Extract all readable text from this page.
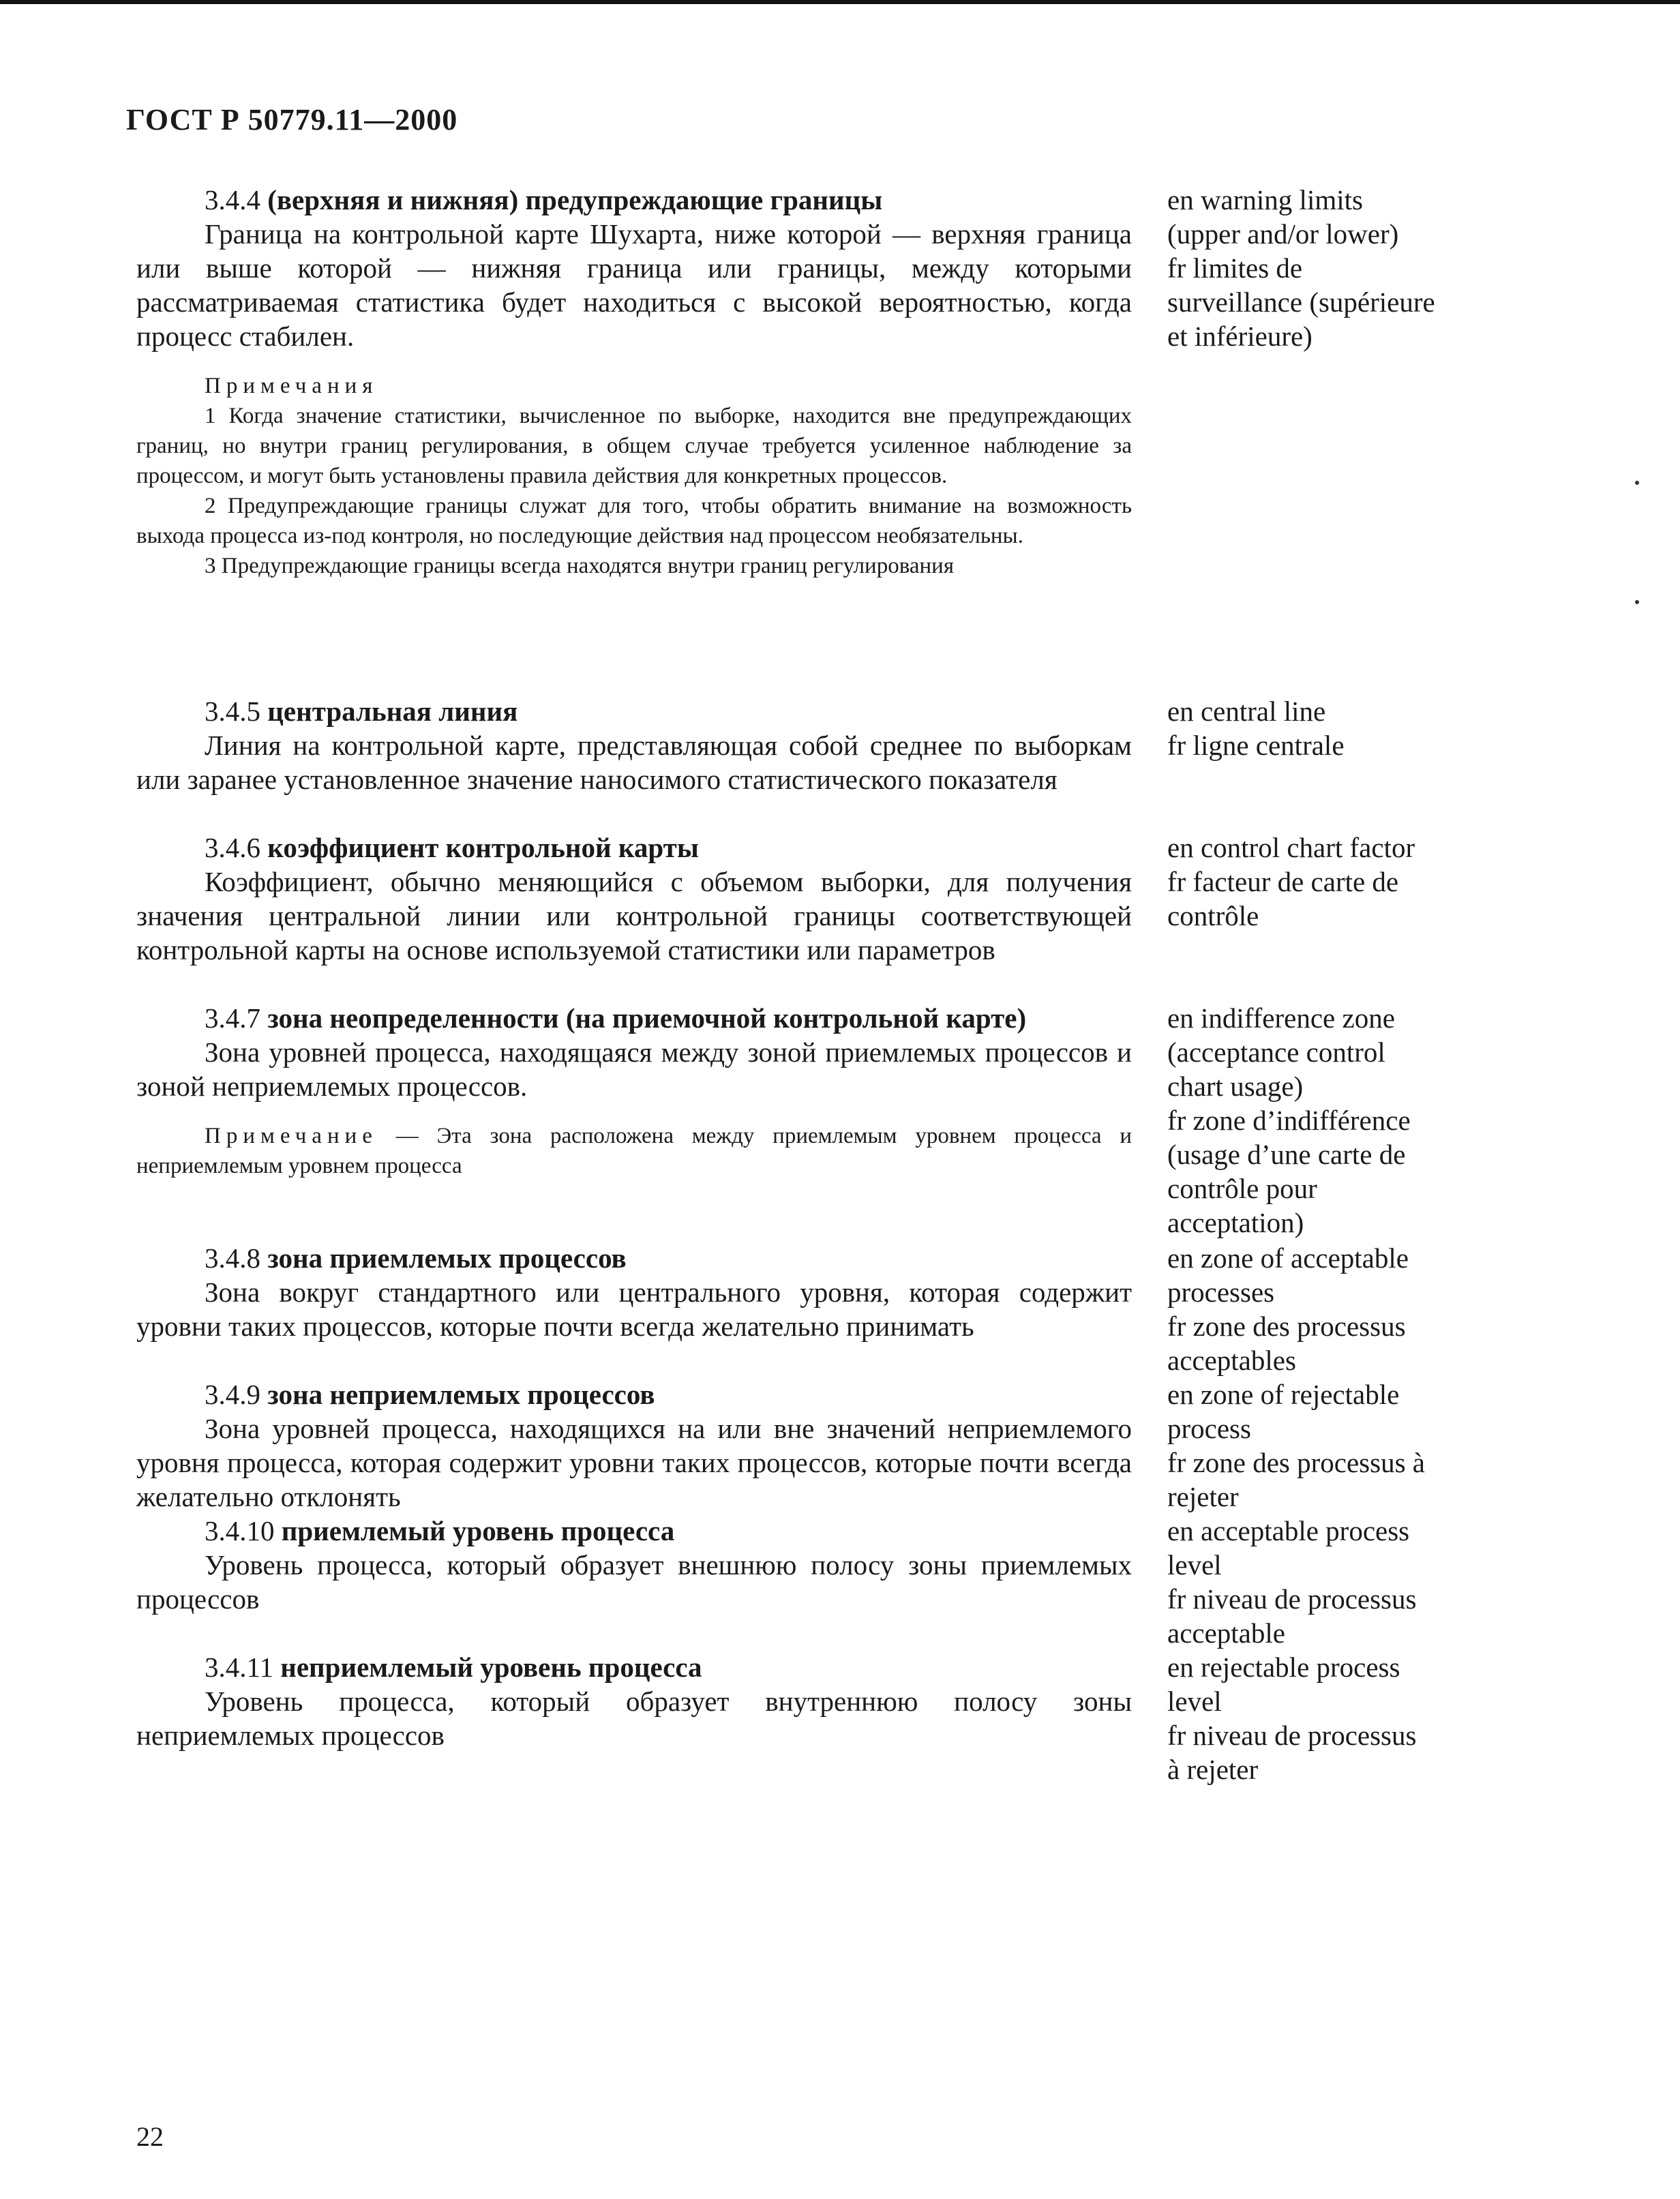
ГОСТ Р 50779.11—2000
3.4.4 (верхняя и нижняя) предупреждающие границы
Граница на контрольной карте Шухарта, ниже которой — верхняя граница или выше которой — нижняя граница или границы, между которыми рассматриваемая статистика будет находиться с высокой вероятностью, когда процесс стабилен.
Примечания
1 Когда значение статистики, вычисленное по выборке, находится вне предупреждающих границ, но внутри границ регулирования, в общем случае требуется усиленное наблюдение за процессом, и могут быть установлены правила действия для конкретных процессов.
2 Предупреждающие границы служат для того, чтобы обратить внимание на возможность выхода процесса из-под контроля, но последующие действия над процессом необязательны.
3 Предупреждающие границы всегда находятся внутри границ регулирования
en warning limits
(upper and/or lower)
fr limites de
surveillance (supérieure
et inférieure)
3.4.5 центральная линия
Линия на контрольной карте, представляющая собой среднее по выборкам или заранее установленное значение наносимого статистического показателя
en central line
fr ligne centrale
3.4.6 коэффициент контрольной карты
Коэффициент, обычно меняющийся с объемом выборки, для получения значения центральной линии или контрольной границы соответствующей контрольной карты на основе используемой статистики или параметров
en control chart factor
fr facteur de carte de
contrôle
3.4.7 зона неопределенности (на приемочной контрольной карте)
Зона уровней процесса, находящаяся между зоной приемлемых процессов и зоной неприемлемых процессов.
Примечание — Эта зона расположена между приемлемым уровнем процесса и неприемлемым уровнем процесса
en indifference zone
(acceptance control
chart usage)
fr zone d’indifférence
(usage d’une carte de
contrôle pour
acceptation)
3.4.8 зона приемлемых процессов
Зона вокруг стандартного или центрального уровня, которая содержит уровни таких процессов, которые почти всегда желательно принимать
en zone of acceptable
processes
fr zone des processus
acceptables
3.4.9 зона неприемлемых процессов
Зона уровней процесса, находящихся на или вне значений неприемлемого уровня процесса, которая содержит уровни таких процессов, которые почти всегда желательно отклонять
en zone of rejectable
process
fr zone des processus à
rejeter
3.4.10 приемлемый уровень процесса
Уровень процесса, который образует внешнюю полосу зоны приемлемых процессов
en acceptable process
level
fr niveau de processus
acceptable
3.4.11 неприемлемый уровень процесса
Уровень процесса, который образует внутреннюю полосу зоны неприемлемых процессов
en rejectable process
level
fr niveau de processus
à rejeter
22
